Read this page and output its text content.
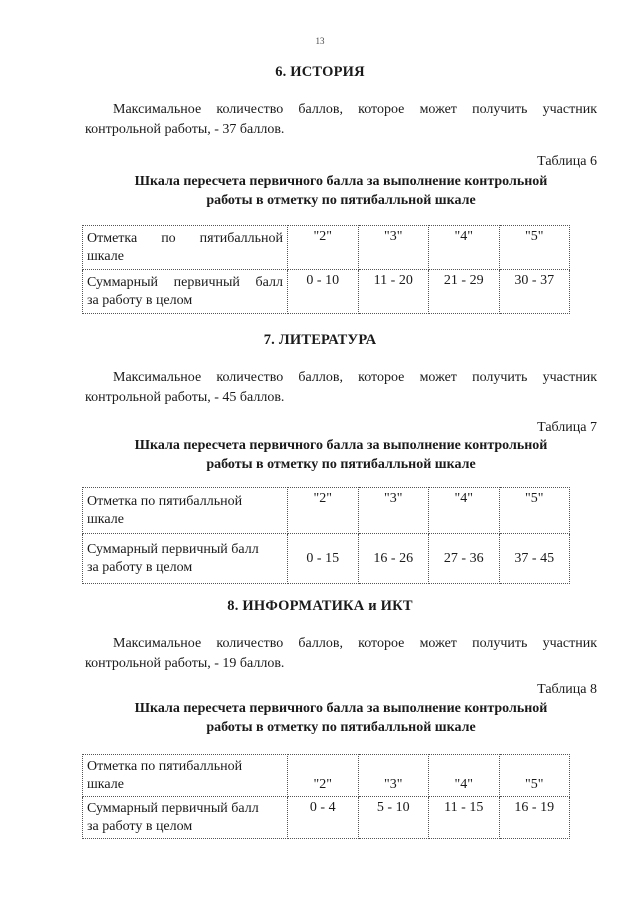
13
6. ИСТОРИЯ
Максимальное количество баллов, которое может получить участник
контрольной работы, - 37 баллов.
Таблица 6
Шкала пересчета первичного балла за выполнение контрольной
работы в отметку по пятибалльной шкале
Отметка по пятибалльной
шкале	"2"	"3"	"4"	"5"

Суммарный первичный балл
за работу в целом	0 - 10	11 - 20	21 - 29	30 - 37
7. ЛИТЕРАТУРА
Максимальное количество баллов, которое может получить участник
контрольной работы, - 45 баллов.
Таблица 7
Шкала пересчета первичного балла за выполнение контрольной
работы в отметку по пятибалльной шкале
Отметка по пятибалльной
шкале	"2"	"3"	"4"	"5"

Суммарный первичный балл
за работу в целом	0 - 15	16 - 26	27 - 36	37 - 45
8. ИНФОРМАТИКА и ИКТ
Максимальное количество баллов, которое может получить участник
контрольной работы, - 19 баллов.
Таблица 8
Шкала пересчета первичного балла за выполнение контрольной
работы в отметку по пятибалльной шкале
Отметка по пятибалльной
шкале	"2"	"3"	"4"	"5"

Суммарный первичный балл
за работу в целом	0 - 4	5 - 10	11 - 15	16 - 19
